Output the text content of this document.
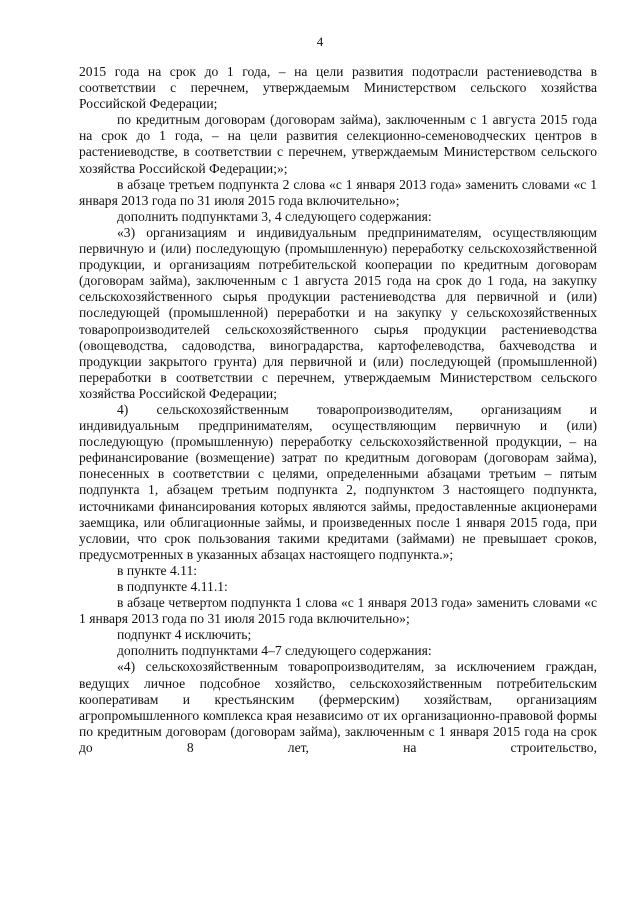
4

2015 года на срок до 1 года, – на цели развития подотрасли растениеводства в соответствии с перечнем, утверждаемым Министерством сельского хозяйства Российской Федерации;

по кредитным договорам (договорам займа), заключенным с 1 августа 2015 года на срок до 1 года, – на цели развития селекционно-семеноводческих центров в растениеводстве, в соответствии с перечнем, утверждаемым Министерством сельского хозяйства Российской Федерации;»;

в абзаце третьем подпункта 2 слова «с 1 января 2013 года» заменить словами «с 1 января 2013 года по 31 июля 2015 года включительно»;

дополнить подпунктами 3, 4 следующего содержания:

«3) организациям и индивидуальным предпринимателям, осуществляющим первичную и (или) последующую (промышленную) переработку сельскохозяйственной продукции, и организациям потребительской кооперации по кредитным договорам (договорам займа), заключенным с 1 августа 2015 года на срок до 1 года, на закупку сельскохозяйственного сырья продукции растениеводства для первичной и (или) последующей (промышленной) переработки и на закупку у сельскохозяйственных товаропроизводителей сельскохозяйственного сырья продукции растениеводства (овощеводства, садоводства, виноградарства, картофелеводства, бахчеводства и продукции закрытого грунта) для первичной и (или) последующей (промышленной) переработки в соответствии с перечнем, утверждаемым Министерством сельского хозяйства Российской Федерации;

4) сельскохозяйственным товаропроизводителям, организациям и индивидуальным предпринимателям, осуществляющим первичную и (или) последующую (промышленную) переработку сельскохозяйственной продукции, – на рефинансирование (возмещение) затрат по кредитным договорам (договорам займа), понесенных в соответствии с целями, определенными абзацами третьим – пятым подпункта 1, абзацем третьим подпункта 2, подпунктом 3 настоящего подпункта, источниками финансирования которых являются займы, предоставленные акционерами заемщика, или облигационные займы, и произведенных после 1 января 2015 года, при условии, что срок пользования такими кредитами (займами) не превышает сроков, предусмотренных в указанных абзацах настоящего подпункта.»;

в пункте 4.11:

в подпункте 4.11.1:

в абзаце четвертом подпункта 1 слова «с 1 января 2013 года» заменить словами «с 1 января 2013 года по 31 июля 2015 года включительно»;

подпункт 4 исключить;

дополнить подпунктами 4–7 следующего содержания:

«4) сельскохозяйственным товаропроизводителям, за исключением граждан, ведущих личное подсобное хозяйство, сельскохозяйственным потребительским кооперативам и крестьянским (фермерским) хозяйствам, организациям агропромышленного комплекса края независимо от их организационно-правовой формы по кредитным договорам (договорам займа), заключенным с 1 января 2015 года на срок до 8 лет, на строительство,
